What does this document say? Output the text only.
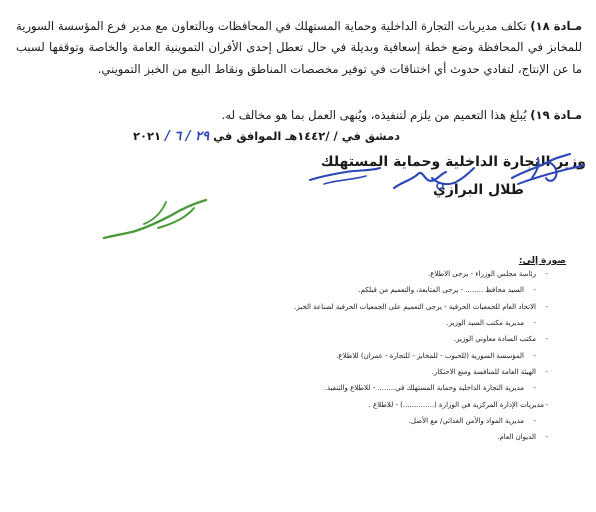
مـادة ١٨) تكلف مديريات التجارة الداخلية وحماية المستهلك في المحافظات وبالتعاون مع مدير فرع المؤسسة السورية للمخابز في المحافظة وضع خطة إسعافية وبديلة في حال تعطل إحدى الأفران التموينية العامة والخاصة وتوقفها لسبب ما عن الإنتاج، لتفادي حدوث أي اختناقات في توفير مخصصات المناطق ونقاط البيع من الخبز التمويني.

مـادة ١٩) يُبلغ هذا التعميم من يلزم لتنفيذه، ويُنهى العمل بما هو مخالف له.

دمشق في / /١٤٤٢هـ الموافق في ٢٩ / ٦ / ٢٠٢١
وزير التجارة الداخلية وحماية المستهلك
طلال البرازي
صورة إلى:
-
رئاسة مجلس الوزراء - يرجى الاطلاع.
-
السيد محافظ ........ - يرجى المتابعة، والتعميم من قبلكم.
-
الاتحاد العام للجمعيات الحرفية - يرجى التعميم على الجمعيات الحرفية لصناعة الخبز.
-
مديرية مكتب السيد الوزير.
-
مكتب السادة معاوني الوزير.
-
المؤسسة السورية (للحبوب - للمخابز - للتجارة - عمران) للاطلاع.
-
الهيئة العامة للمنافسة ومنع الاحتكار.
-
مديرية التجارة الداخلية وحماية المستهلك في........ - للاطلاع والتنفيذ.
-
مديريات الإدارة المركزية في الوزارة (..............) - للاطلاع .
-
مديرية المواد والأمن الغذائي/ مع الأصل.
-
الديوان العام.
